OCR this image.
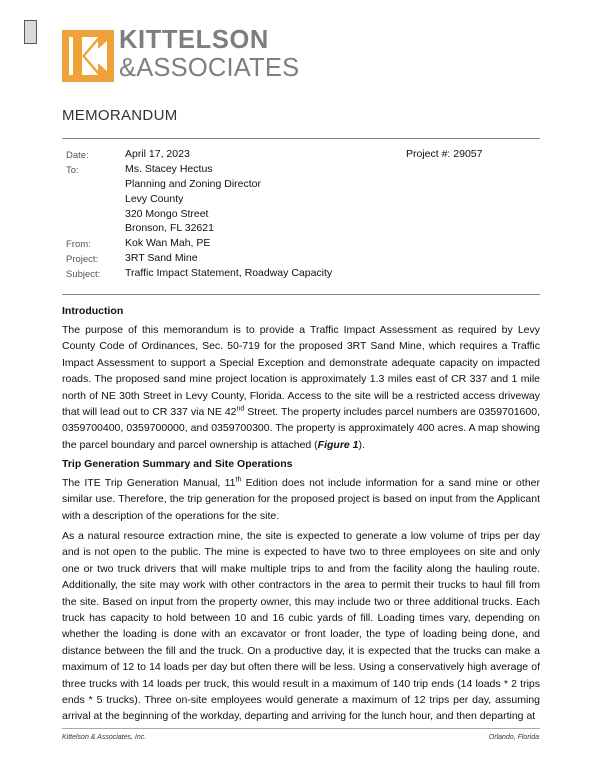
KITTELSON
&ASSOCIATES
MEMORANDUM
Date:	April 17, 2023	Project #: 29057
To:	Ms. Stacey Hectus
Planning and Zoning Director
Levy County
320 Mongo Street
Bronson, FL 32621
From:	Kok Wan Mah, PE
Project:	3RT Sand Mine
Subject: Traffic Impact Statement, Roadway Capacity
Introduction

The purpose of this memorandum is to provide a Traffic Impact Assessment as required by Levy County Code of Ordinances, Sec. 50-719 for the proposed 3RT Sand Mine, which requires a Traffic Impact Assessment to support a Special Exception and demonstrate adequate capacity on impacted roads. The proposed sand mine project location is approximately 1.3 miles east of CR 337 and 1 mile north of NE 30th Street in Levy County, Florida. Access to the site will be a restricted access driveway that will lead out to CR 337 via NE 42nd Street. The property includes parcel numbers are 0359701600, 0359700400, 0359700000, and 0359700300. The property is approximately 400 acres. A map showing the parcel boundary and parcel ownership is attached (Figure 1).

Trip Generation Summary and Site Operations

The ITE Trip Generation Manual, 11th Edition does not include information for a sand mine or other similar use. Therefore, the trip generation for the proposed project is based on input from the Applicant with a description of the operations for the site.

As a natural resource extraction mine, the site is expected to generate a low volume of trips per day and is not open to the public. The mine is expected to have two to three employees on site and only one or two truck drivers that will make multiple trips to and from the facility along the hauling route. Additionally, the site may work with other contractors in the area to permit their trucks to haul fill from the site. Based on input from the property owner, this may include two or three additional trucks. Each truck has capacity to hold between 10 and 16 cubic yards of fill. Loading times vary, depending on whether the loading is done with an excavator or front loader, the type of loading being done, and distance between the fill and the truck. On a productive day, it is expected that the trucks can make a maximum of 12 to 14 loads per day but often there will be less. Using a conservatively high average of three trucks with 14 loads per truck, this would result in a maximum of 140 trip ends (14 loads * 2 trips ends * 5 trucks). Three on-site employees would generate a maximum of 12 trips per day, assuming arrival at the beginning of the workday, departing and arriving for the lunch hour, and then departing at

Kittelson & Associates, Inc.	Orlando, Florida
